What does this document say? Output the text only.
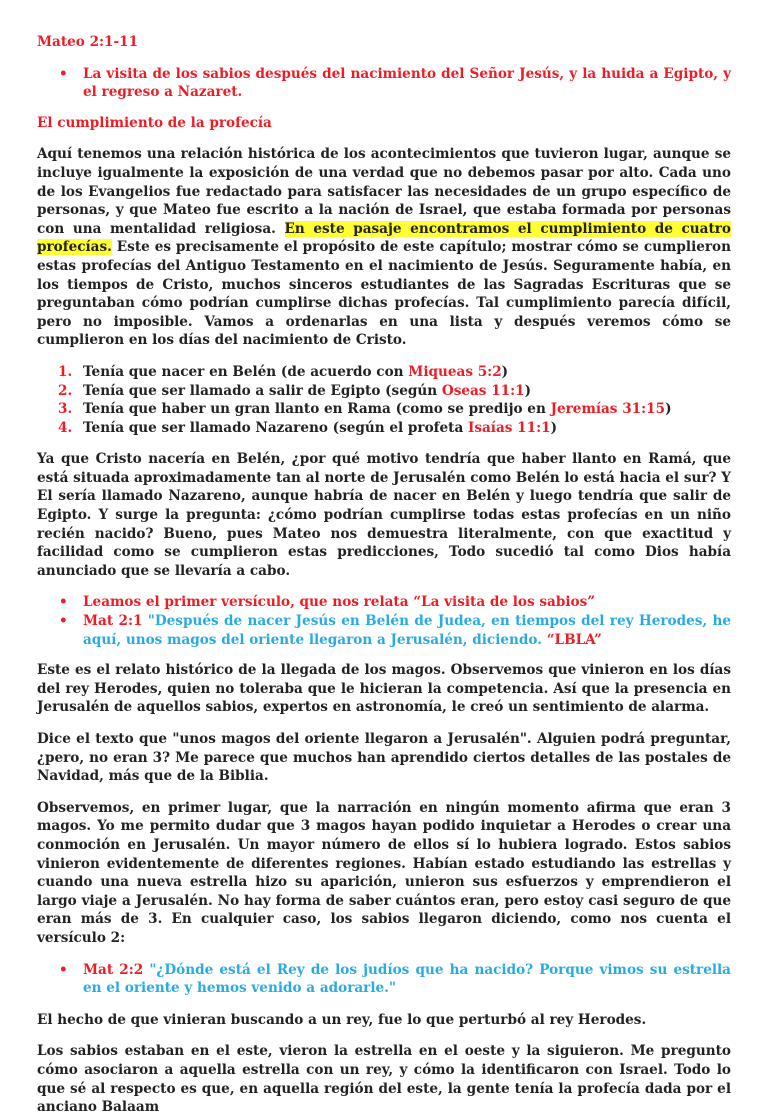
Mateo 2:1-11
• La visita de los sabios después del nacimiento del Señor Jesús, y la huida a Egipto, y el regreso a Nazaret.
El cumplimiento de la profecía

Aquí tenemos una relación histórica de los acontecimientos que tuvieron lugar, aunque se incluye igualmente la exposición de una verdad que no debemos pasar por alto. Cada uno de los Evangelios fue redactado para satisfacer las necesidades de un grupo específico de personas, y que Mateo fue escrito a la nación de Israel, que estaba formada por personas con una mentalidad religiosa. En este pasaje encontramos el cumplimiento de cuatro profecías. Este es precisamente el propósito de este capítulo; mostrar cómo se cumplieron estas profecías del Antiguo Testamento en el nacimiento de Jesús. Seguramente había, en los tiempos de Cristo, muchos sinceros estudiantes de las Sagradas Escrituras que se preguntaban cómo podrían cumplirse dichas profecías. Tal cumplimiento parecía difícil, pero no imposible. Vamos a ordenarlas en una lista y después veremos cómo se cumplieron en los días del nacimiento de Cristo.

1. Tenía que nacer en Belén (de acuerdo con Miqueas 5:2)
2. Tenía que ser llamado a salir de Egipto (según Oseas 11:1)
3. Tenía que haber un gran llanto en Rama (como se predijo en Jeremías 31:15)
4. Tenía que ser llamado Nazareno (según el profeta Isaías 11:1)

Ya que Cristo nacería en Belén, ¿por qué motivo tendría que haber llanto en Ramá, que está situada aproximadamente tan al norte de Jerusalén como Belén lo está hacia el sur? Y El sería llamado Nazareno, aunque habría de nacer en Belén y luego tendría que salir de Egipto. Y surge la pregunta: ¿cómo podrían cumplirse todas estas profecías en un niño recién nacido? Bueno, pues Mateo nos demuestra literalmente, con que exactitud y facilidad como se cumplieron estas predicciones, Todo sucedió tal como Dios había anunciado que se llevaría a cabo.

• Leamos el primer versículo, que nos relata “La visita de los sabios”
• Mat 2:1 "Después de nacer Jesús en Belén de Judea, en tiempos del rey Herodes, he aquí, unos magos del oriente llegaron a Jerusalén, diciendo. “LBLA”

Este es el relato histórico de la llegada de los magos. Observemos que vinieron en los días del rey Herodes, quien no toleraba que le hicieran la competencia. Así que la presencia en Jerusalén de aquellos sabios, expertos en astronomía, le creó un sentimiento de alarma.

Dice el texto que "unos magos del oriente llegaron a Jerusalén". Alguien podrá preguntar, ¿pero, no eran 3? Me parece que muchos han aprendido ciertos detalles de las postales de Navidad, más que de la Biblia.

Observemos, en primer lugar, que la narración en ningún momento afirma que eran 3 magos. Yo me permito dudar que 3 magos hayan podido inquietar a Herodes o crear una conmoción en Jerusalén. Un mayor número de ellos sí lo hubiera logrado. Estos sabios vinieron evidentemente de diferentes regiones. Habían estado estudiando las estrellas y cuando una nueva estrella hizo su aparición, unieron sus esfuerzos y emprendieron el largo viaje a Jerusalén. No hay forma de saber cuántos eran, pero estoy casi seguro de que eran más de 3. En cualquier caso, los sabios llegaron diciendo, como nos cuenta el versículo 2:

• Mat 2:2 "¿Dónde está el Rey de los judíos que ha nacido? Porque vimos su estrella en el oriente y hemos venido a adorarle."

El hecho de que vinieran buscando a un rey, fue lo que perturbó al rey Herodes.

Los sabios estaban en el este, vieron la estrella en el oeste y la siguieron. Me pregunto cómo asociaron a aquella estrella con un rey, y cómo la identificaron con Israel. Todo lo que sé al respecto es que, en aquella región del este, la gente tenía la profecía dada por el anciano Balaam
